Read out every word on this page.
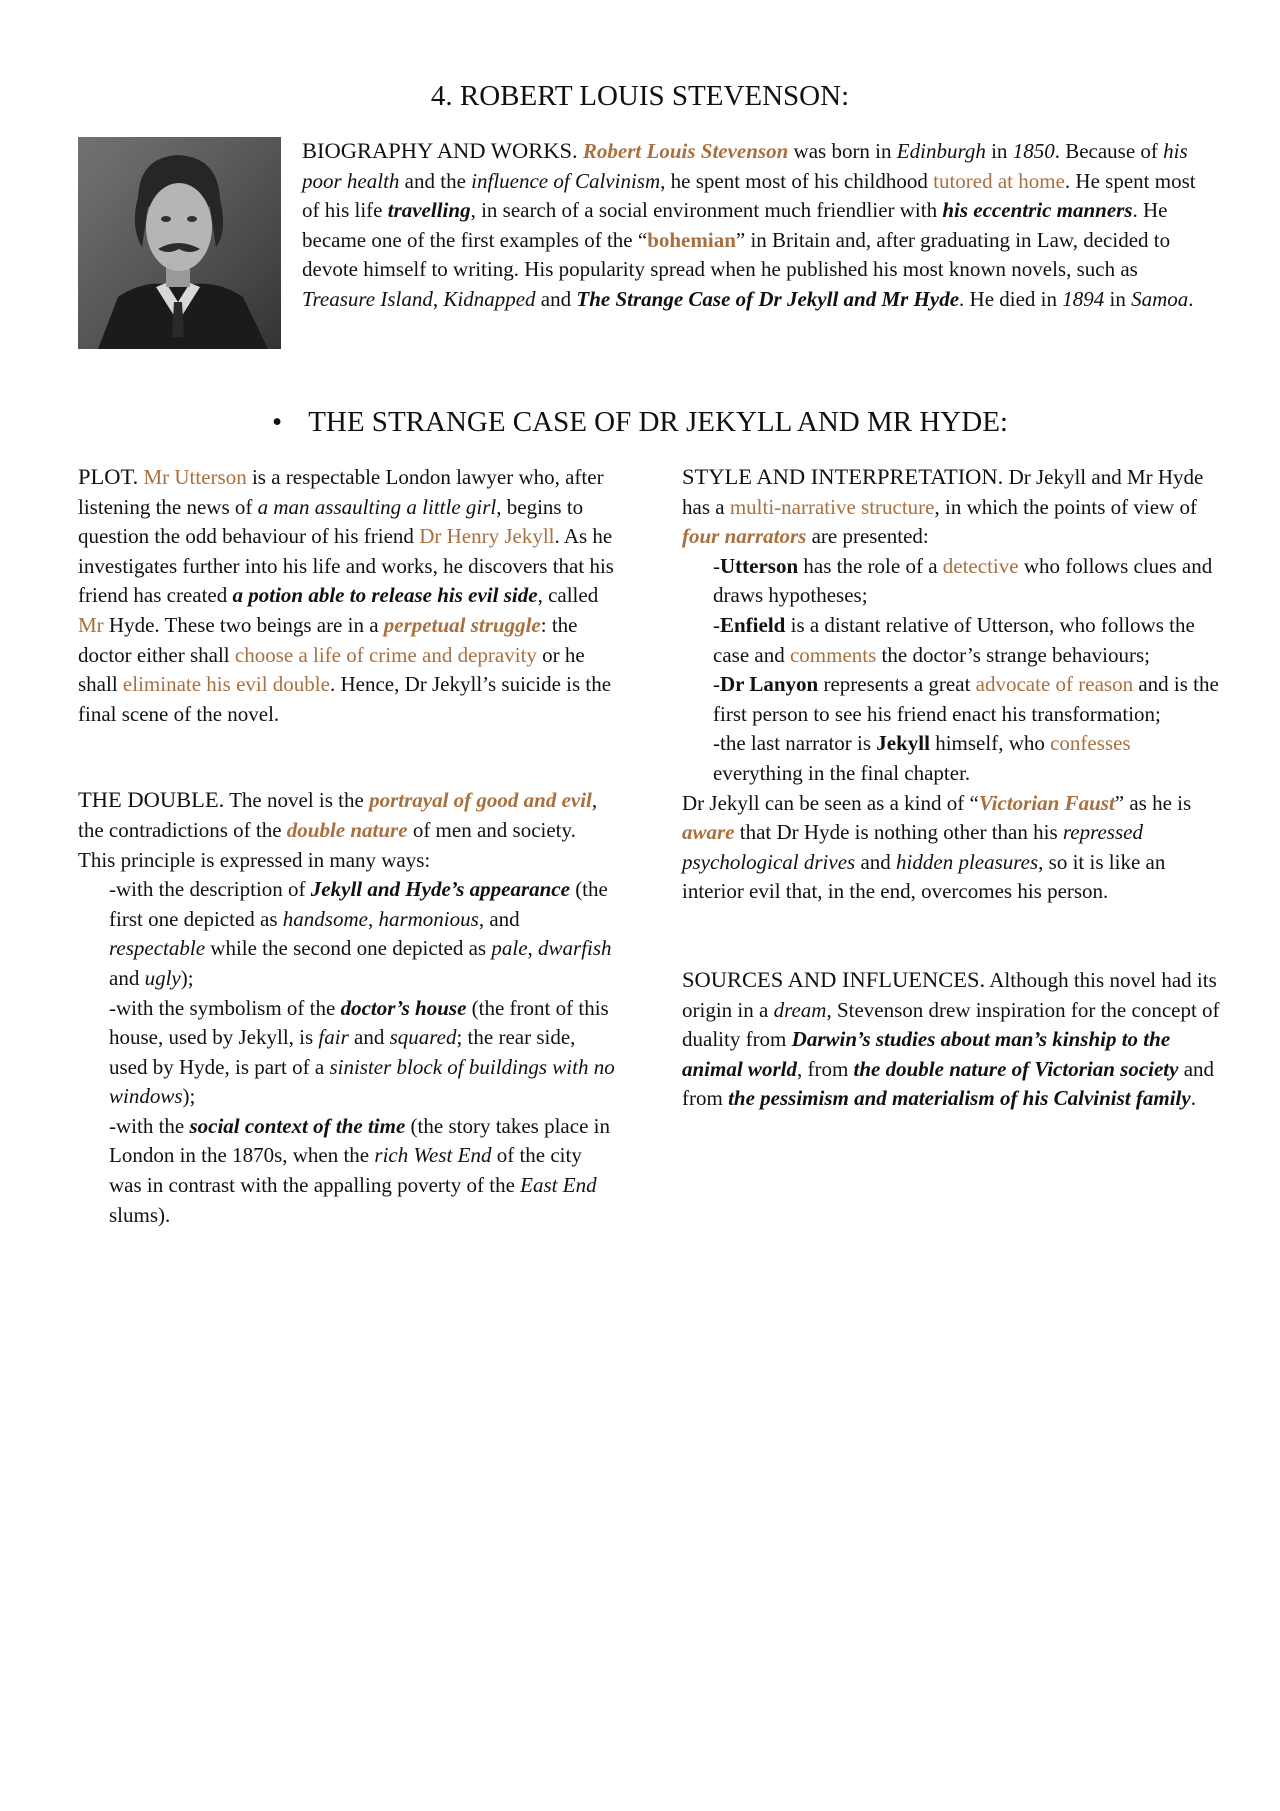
4. ROBERT LOUIS STEVENSON:
BIOGRAPHY AND WORKS. Robert Louis Stevenson was born in Edinburgh in 1850. Because of his poor health and the influence of Calvinism, he spent most of his childhood tutored at home. He spent most of his life travelling, in search of a social environment much friendlier with his eccentric manners. He became one of the first examples of the “bohemian” in Britain and, after graduating in Law, decided to devote himself to writing. His popularity spread when he published his most known novels, such as Treasure Island, Kidnapped and The Strange Case of Dr Jekyll and Mr Hyde. He died in 1894 in Samoa.
• THE STRANGE CASE OF DR JEKYLL AND MR HYDE:

PLOT. Mr Utterson is a respectable London lawyer who, after listening the news of a man assaulting a little girl, begins to question the odd behaviour of his friend Dr Henry Jekyll. As he investigates further into his life and works, he discovers that his friend has created a potion able to release his evil side, called Mr Hyde. These two beings are in a perpetual struggle: the doctor either shall choose a life of crime and depravity or he shall eliminate his evil double. Hence, Dr Jekyll’s suicide is the final scene of the novel.

THE DOUBLE. The novel is the portrayal of good and evil, the contradictions of the double nature of men and society. This principle is expressed in many ways:

-with the description of Jekyll and Hyde’s appearance (the first one depicted as handsome, harmonious, and respectable while the second one depicted as pale, dwarfish and ugly);

-with the symbolism of the doctor’s house (the front of this house, used by Jekyll, is fair and squared; the rear side, used by Hyde, is part of a sinister block of buildings with no windows);

-with the social context of the time (the story takes place in London in the 1870s, when the rich West End of the city was in contrast with the appalling poverty of the East End slums).

STYLE AND INTERPRETATION. Dr Jekyll and Mr Hyde has a multi-narrative structure, in which the points of view of four narrators are presented:

-Utterson has the role of a detective who follows clues and draws hypotheses;

-Enfield is a distant relative of Utterson, who follows the case and comments the doctor’s strange behaviours;

-Dr Lanyon represents a great advocate of reason and is the first person to see his friend enact his transformation;

-the last narrator is Jekyll himself, who confesses everything in the final chapter.

Dr Jekyll can be seen as a kind of “Victorian Faust” as he is aware that Dr Hyde is nothing other than his repressed psychological drives and hidden pleasures, so it is like an interior evil that, in the end, overcomes his person.

SOURCES AND INFLUENCES. Although this novel had its origin in a dream, Stevenson drew inspiration for the concept of duality from Darwin’s studies about man’s kinship to the animal world, from the double nature of Victorian society and from the pessimism and materialism of his Calvinist family.
